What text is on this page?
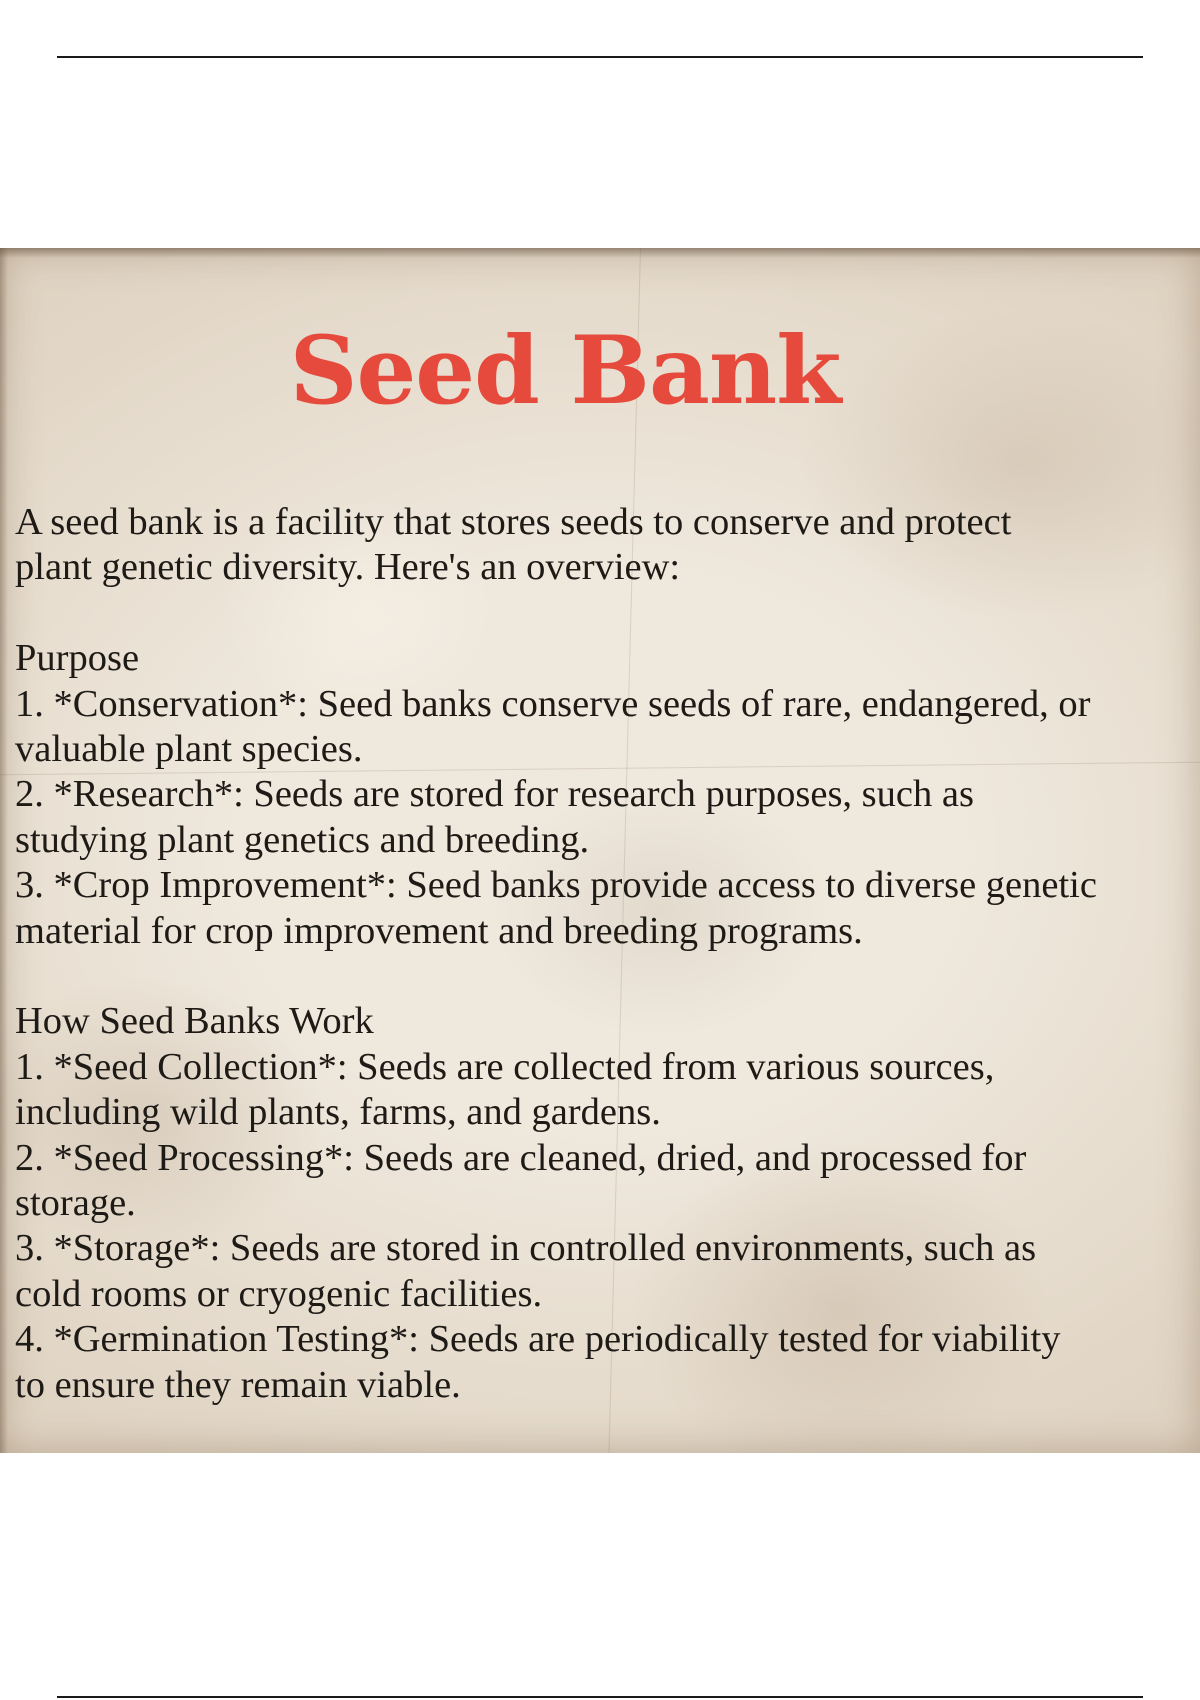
Seed Bank

A seed bank is a facility that stores seeds to conserve and protect

plant genetic diversity. Here's an overview:

Purpose

1. *Conservation*: Seed banks conserve seeds of rare, endangered, or

valuable plant species.

2. *Research*: Seeds are stored for research purposes, such as

studying plant genetics and breeding.

3. *Crop Improvement*: Seed banks provide access to diverse genetic

material for crop improvement and breeding programs.

How Seed Banks Work

1. *Seed Collection*: Seeds are collected from various sources,

including wild plants, farms, and gardens.

2. *Seed Processing*: Seeds are cleaned, dried, and processed for

storage.

3. *Storage*: Seeds are stored in controlled environments, such as

cold rooms or cryogenic facilities.

4. *Germination Testing*: Seeds are periodically tested for viability

to ensure they remain viable.
